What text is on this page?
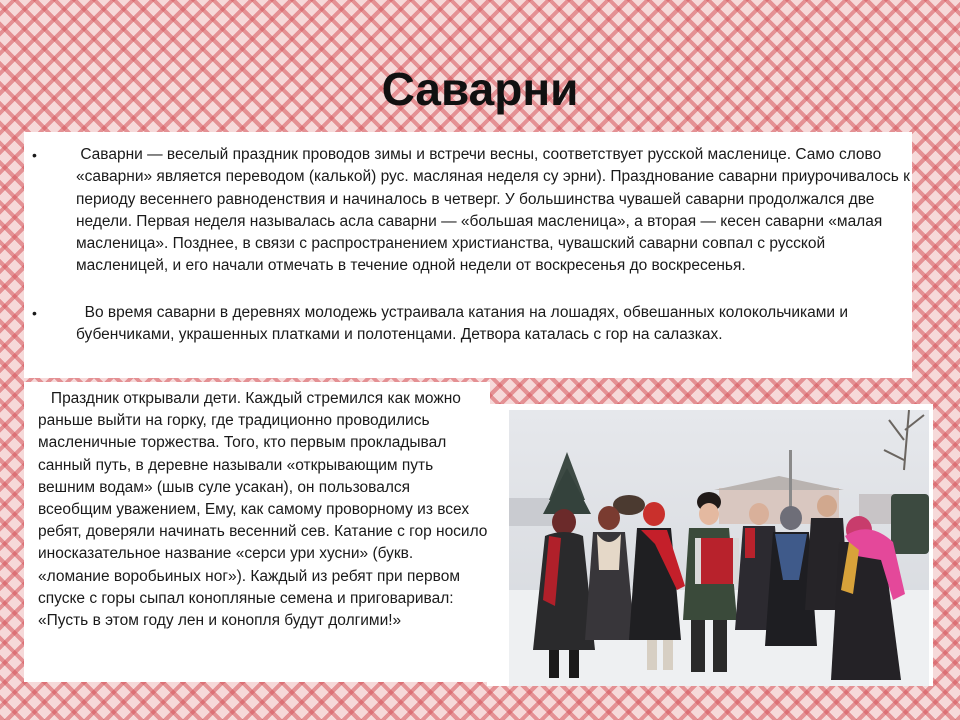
Саварни
•	Саварни — веселый праздник проводов зимы и встречи весны, соответствует русской масленице. Само слово «саварни» является переводом (калькой) рус. масляная неделя су эрни). Празднование саварни приурочивалось к периоду весеннего равноденствия и начиналось в четверг. У большинства чувашей саварни продолжался две недели. Первая неделя называлась асла саварни — «большая масленица», а вторая — кесен саварни «малая масленица». Позднее, в связи с распространением христианства, чувашский саварни совпал с русской масленицей, и его начали отмечать в течение одной недели от воскресенья до воскресенья.
•	Во время саварни в деревнях молодежь устраивала катания на лошадях, обвешанных колокольчиками и бубенчиками, украшенных платками и полотенцами. Детвора каталась с гор на салазках.
Праздник открывали дети. Каждый стремился как можно раньше выйти на горку, где традиционно проводились масленичные торжества. Того, кто первым прокладывал санный путь, в деревне называли «открывающим путь вешним водам» (шыв суле усакан), он пользовался всеобщим уважением, Ему, как самому проворному из всех ребят, доверяли начинать весенний сев. Катание с гор носило иносказательное название «серси ури хусни» (букв. «ломание воробьиных ног»). Каждый из ребят при первом спуске с горы сыпал конопляные семена и приговаривал: «Пусть в этом году лен и конопля будут долгими!»
